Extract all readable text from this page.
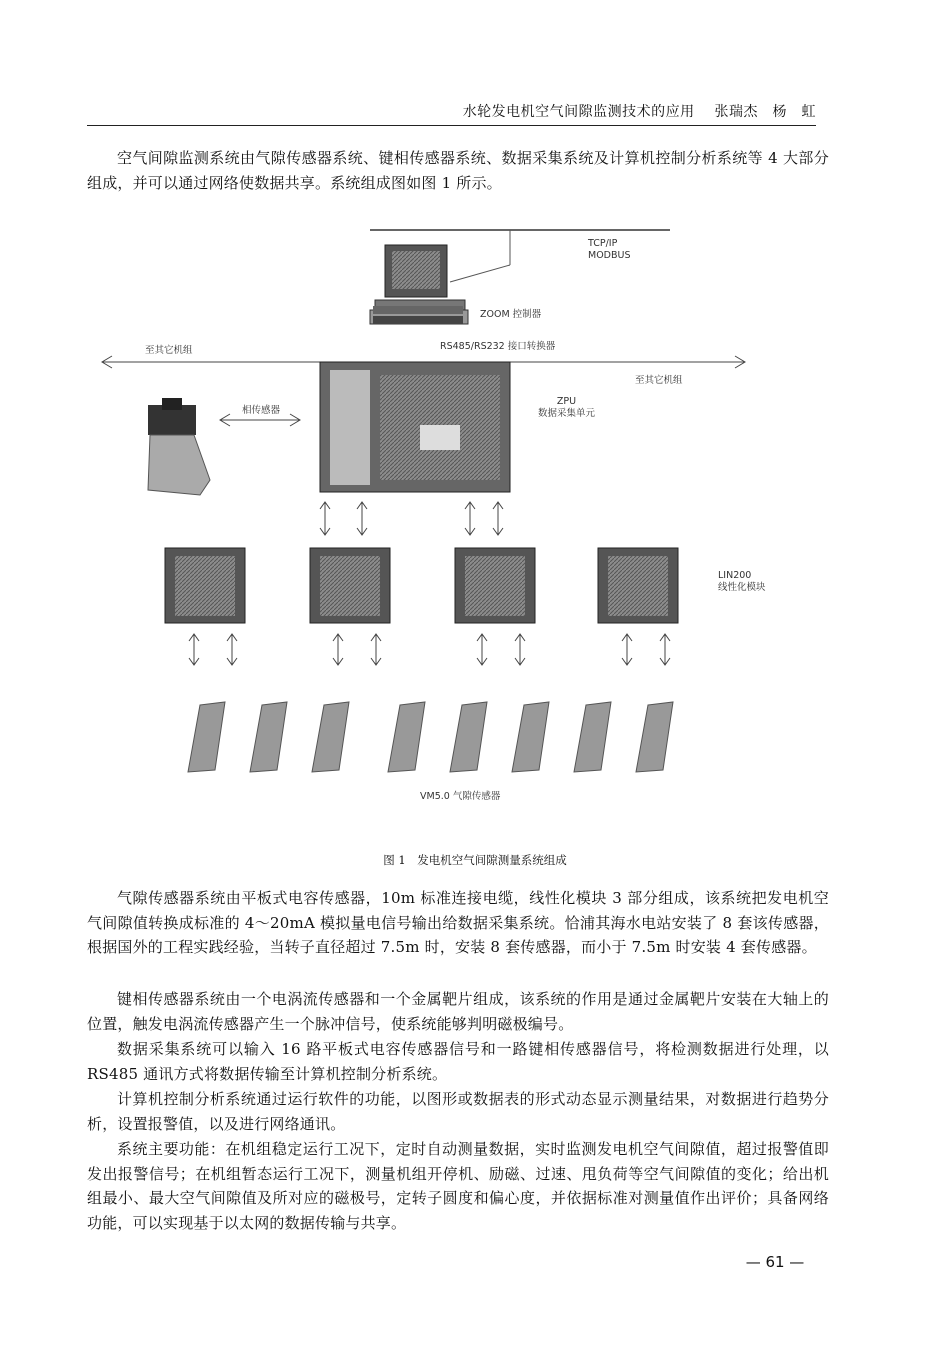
水轮发电机空气间隙监测技术的应用 张瑞杰　杨　虹

空气间隙监测系统由气隙传感器系统、键相传感器系统、数据采集系统及计算机控制分析系统等 4 大部分组成，并可以通过网络使数据共享。系统组成图如图 1 所示。

TCP/IP
MODBUS
ZOOM 控制器
RS485/RS232 接口转换器
至其它机组
至其它机组
相传感器
ZPU
数据采集单元
LIN200
线性化模块
VM5.0 气隙传感器
图 1　发电机空气间隙测量系统组成

气隙传感器系统由平板式电容传感器，10m 标准连接电缆，线性化模块 3 部分组成，该系统把发电机空气间隙值转换成标准的 4～20mA 模拟量电信号输出给数据采集系统。恰浦其海水电站安装了 8 套该传感器，根据国外的工程实践经验，当转子直径超过 7.5m 时，安装 8 套传感器，而小于 7.5m 时安装 4 套传感器。

键相传感器系统由一个电涡流传感器和一个金属靶片组成，该系统的作用是通过金属靶片安装在大轴上的位置，触发电涡流传感器产生一个脉冲信号，使系统能够判明磁极编号。

数据采集系统可以输入 16 路平板式电容传感器信号和一路键相传感器信号，将检测数据进行处理，以 RS485 通讯方式将数据传输至计算机控制分析系统。

计算机控制分析系统通过运行软件的功能，以图形或数据表的形式动态显示测量结果，对数据进行趋势分析，设置报警值，以及进行网络通讯。

系统主要功能：在机组稳定运行工况下，定时自动测量数据，实时监测发电机空气间隙值，超过报警值即发出报警信号；在机组暂态运行工况下，测量机组开停机、励磁、过速、甩负荷等空气间隙值的变化；给出机组最小、最大空气间隙值及所对应的磁极号，定转子圆度和偏心度，并依据标准对测量值作出评价；具备网络功能，可以实现基于以太网的数据传输与共享。

— 61 —
